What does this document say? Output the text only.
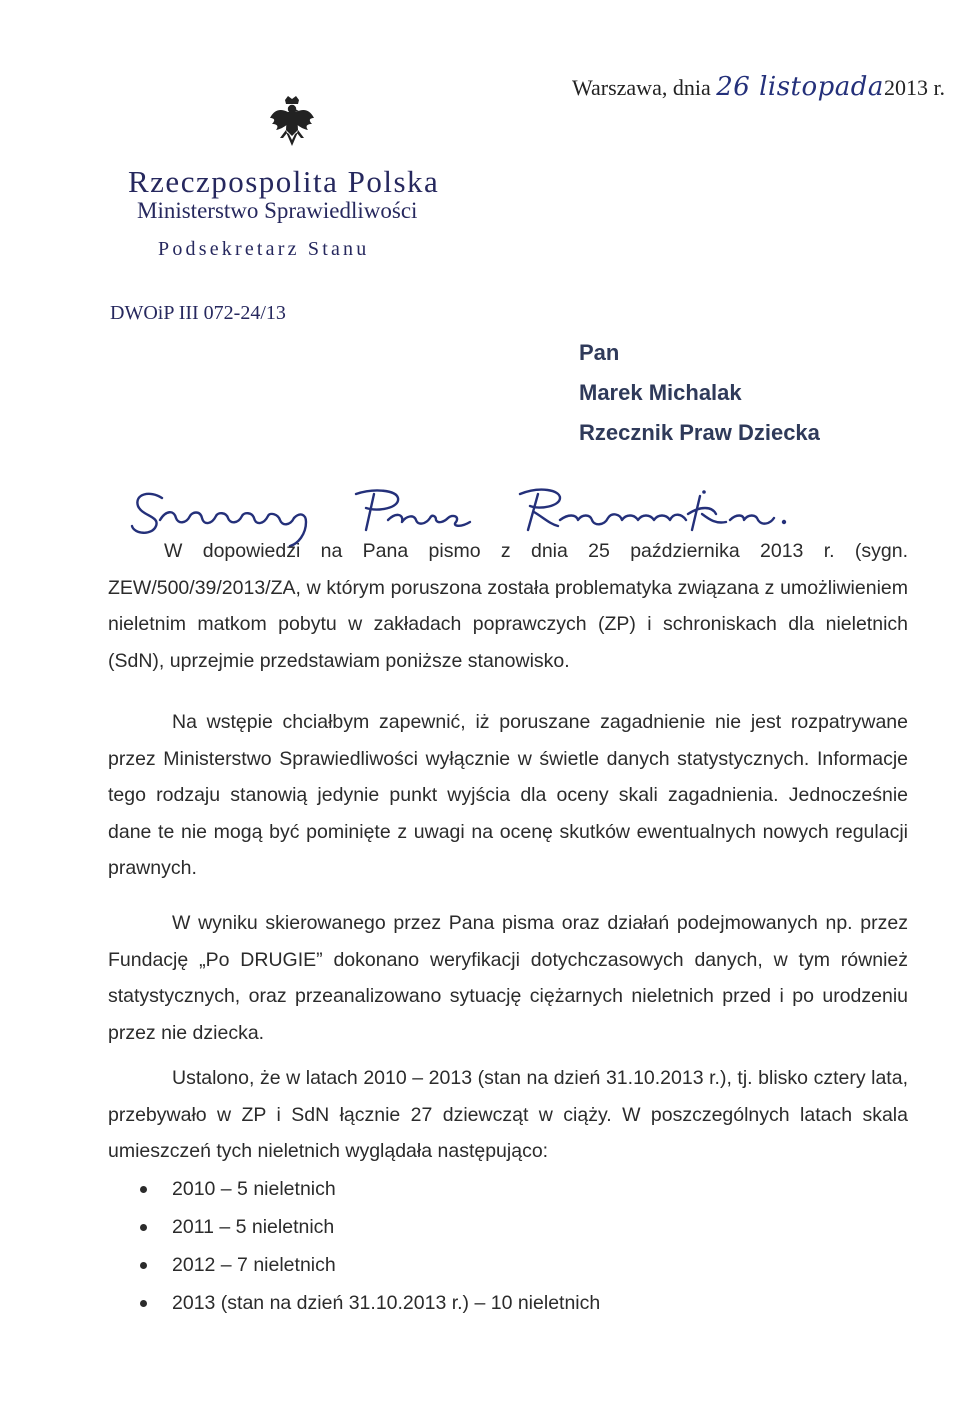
Warszawa, dnia 26 listopada2013 r.
Rzeczpospolita Polska
Ministerstwo Sprawiedliwości
Podsekretarz Stanu
DWOiP III 072-24/13
Pan
Marek Michalak
Rzecznik Praw Dziecka

W dopowiedzi na Pana pismo z dnia 25 października 2013 r. (sygn. ZEW/500/39/2013/ZA, w którym poruszona została problematyka związana z umożliwieniem nieletnim matkom pobytu w zakładach poprawczych (ZP) i schroniskach dla nieletnich (SdN), uprzejmie przedstawiam poniższe stanowisko.

Na wstępie chciałbym zapewnić, iż poruszane zagadnienie nie jest rozpatrywane przez Ministerstwo Sprawiedliwości wyłącznie w świetle danych statystycznych. Informacje tego rodzaju stanowią jedynie punkt wyjścia dla oceny skali zagadnienia. Jednocześnie dane te nie mogą być pominięte z uwagi na ocenę skutków ewentualnych nowych regulacji prawnych.

W wyniku skierowanego przez Pana pisma oraz działań podejmowanych np. przez Fundację „Po DRUGIE” dokonano weryfikacji dotychczasowych danych, w tym również statystycznych, oraz przeanalizowano sytuację ciężarnych nieletnich przed i po urodzeniu przez nie dziecka.

Ustalono, że w latach 2010 – 2013 (stan na dzień 31.10.2013 r.), tj. blisko cztery lata, przebywało w ZP i SdN łącznie 27 dziewcząt w ciąży. W poszczególnych latach skala umieszczeń tych nieletnich wyglądała następująco:

2010 – 5 nieletnich
2011 – 5 nieletnich
2012 – 7 nieletnich
2013 (stan na dzień 31.10.2013 r.) – 10 nieletnich
